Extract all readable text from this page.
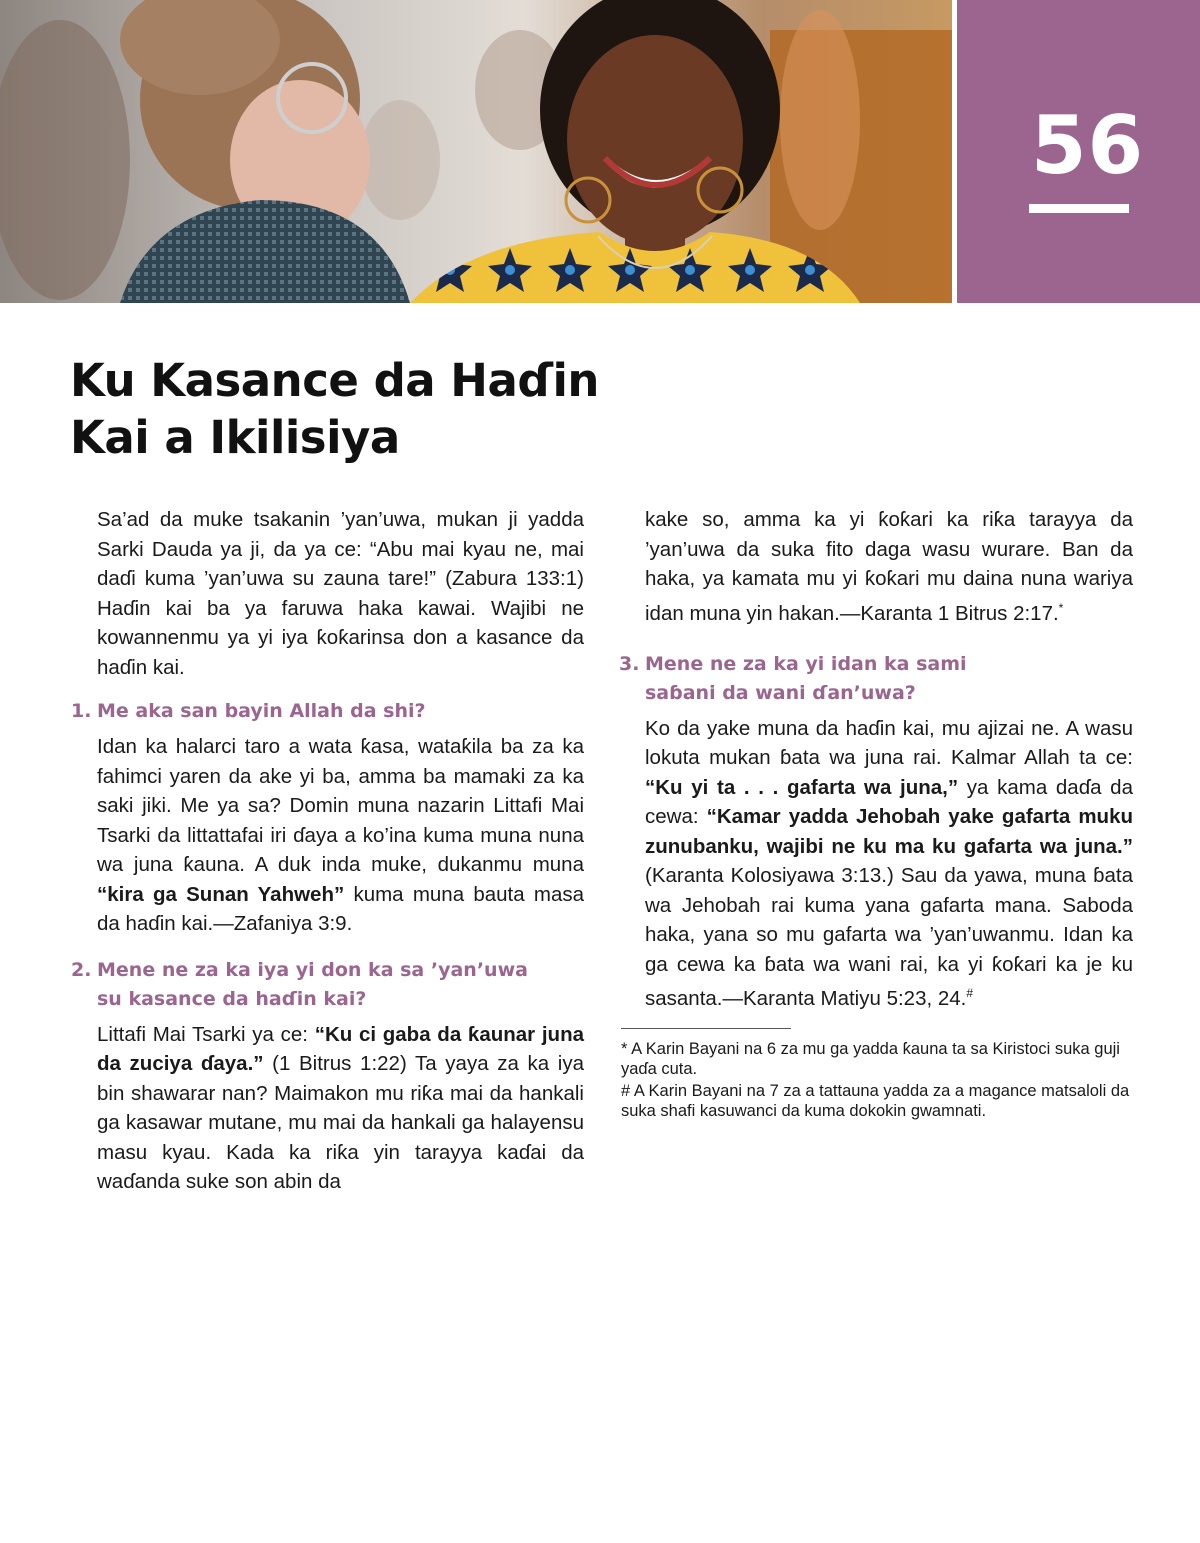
56
Ku Kasance da Haɗin
Kai a Ikilisiya

Sa’ad da muke tsakanin ’yan’uwa, mukan ji yadda Sarki Dauda ya ji, da ya ce: “Abu mai kyau ne, mai daɗi kuma ’yan’uwa su zauna tare!” (Zabura 133:1) Haɗin kai ba ya faruwa haka kawai. Wajibi ne kowannenmu ya yi iya ƙoƙarinsa don a kasance da haɗin kai.

1. Me aka san bayin Allah da shi?

Idan ka halarci taro a wata ƙasa, wataƙila ba za ka fahimci yaren da ake yi ba, amma ba mamaki za ka saki jiki. Me ya sa? Domin muna nazarin Littafi Mai Tsarki da littattafai iri ɗaya a ko’ina kuma muna nuna wa juna ƙauna. A duk inda muke, dukanmu muna “kira ga Sunan Yahweh” kuma muna bauta masa da haɗin kai.—Zafaniya 3:9.

2. Mene ne za ka iya yi don ka sa ’yan’uwa
su kasance da haɗin kai?

Littafi Mai Tsarki ya ce: “Ku ci gaba da ƙaunar juna da zuciya ɗaya.” (1 Bitrus 1:22) Ta yaya za ka iya bin shawarar nan? Maimakon mu riƙa mai da hankali ga kasawar mutane, mu mai da hankali ga halayensu masu kyau. Kada ka riƙa yin tarayya kaɗai da waɗanda suke son abin da

kake so, amma ka yi ƙoƙari ka riƙa tarayya da ’yan’uwa da suka fito daga wasu wurare. Ban da haka, ya kamata mu yi ƙoƙari mu daina nuna wariya idan muna yin hakan.—Karanta 1 Bitrus 2:17.*

3. Mene ne za ka yi idan ka sami
saɓani da wani ɗan’uwa?

Ko da yake muna da haɗin kai, mu ajizai ne. A wasu lokuta mukan ɓata wa juna rai. Kalmar Allah ta ce: “Ku yi ta . . . gafarta wa juna,” ya kama daɗa da cewa: “Kamar yadda Jehobah yake gafarta muku zunubanku, wajibi ne ku ma ku gafarta wa juna.” (Karanta Kolosiyawa 3:13.) Sau da yawa, muna ɓata wa Jehobah rai kuma yana gafarta mana. Saboda haka, yana so mu gafarta wa ’yan’uwanmu. Idan ka ga cewa ka ɓata wa wani rai, ka yi ƙoƙari ka je ku sasanta.—Karanta Matiyu 5:23, 24.#

* A Karin Bayani na 6 za mu ga yadda ƙauna ta sa Kiristoci suka guji yaɗa cuta.

# A Karin Bayani na 7 za a tattauna yadda za a magance matsaloli da suka shafi kasuwanci da kuma dokokin gwamnati.
